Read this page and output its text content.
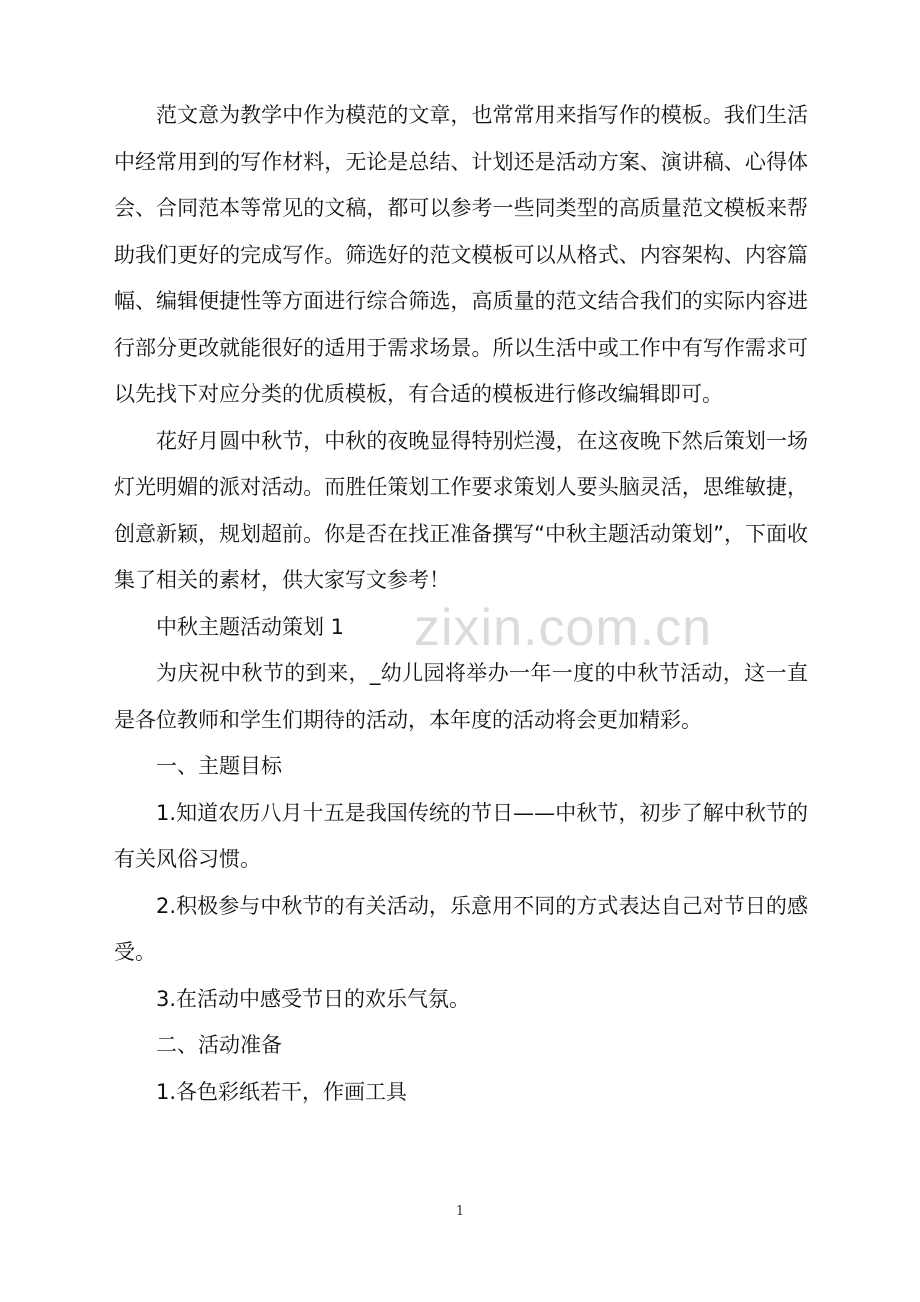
范文意为教学中作为模范的文章，也常常用来指写作的模板。我们生活中经常用到的写作材料，无论是总结、计划还是活动方案、演讲稿、心得体会、合同范本等常见的文稿，都可以参考一些同类型的高质量范文模板来帮助我们更好的完成写作。筛选好的范文模板可以从格式、内容架构、内容篇幅、编辑便捷性等方面进行综合筛选，高质量的范文结合我们的实际内容进行部分更改就能很好的适用于需求场景。所以生活中或工作中有写作需求可以先找下对应分类的优质模板，有合适的模板进行修改编辑即可。

花好月圆中秋节，中秋的夜晚显得特别烂漫，在这夜晚下然后策划一场灯光明媚的派对活动。而胜任策划工作要求策划人要头脑灵活，思维敏捷，创意新颖，规划超前。你是否在找正准备撰写“中秋主题活动策划”，下面收集了相关的素材，供大家写文参考！

中秋主题活动策划 1

为庆祝中秋节的到来，_幼儿园将举办一年一度的中秋节活动，这一直是各位教师和学生们期待的活动，本年度的活动将会更加精彩。

一、主题目标

1.知道农历八月十五是我国传统的节日——中秋节，初步了解中秋节的有关风俗习惯。

2.积极参与中秋节的有关活动，乐意用不同的方式表达自己对节日的感受。

3.在活动中感受节日的欢乐气氛。

二、活动准备

1.各色彩纸若干，作画工具

zixin.com.cn
1
